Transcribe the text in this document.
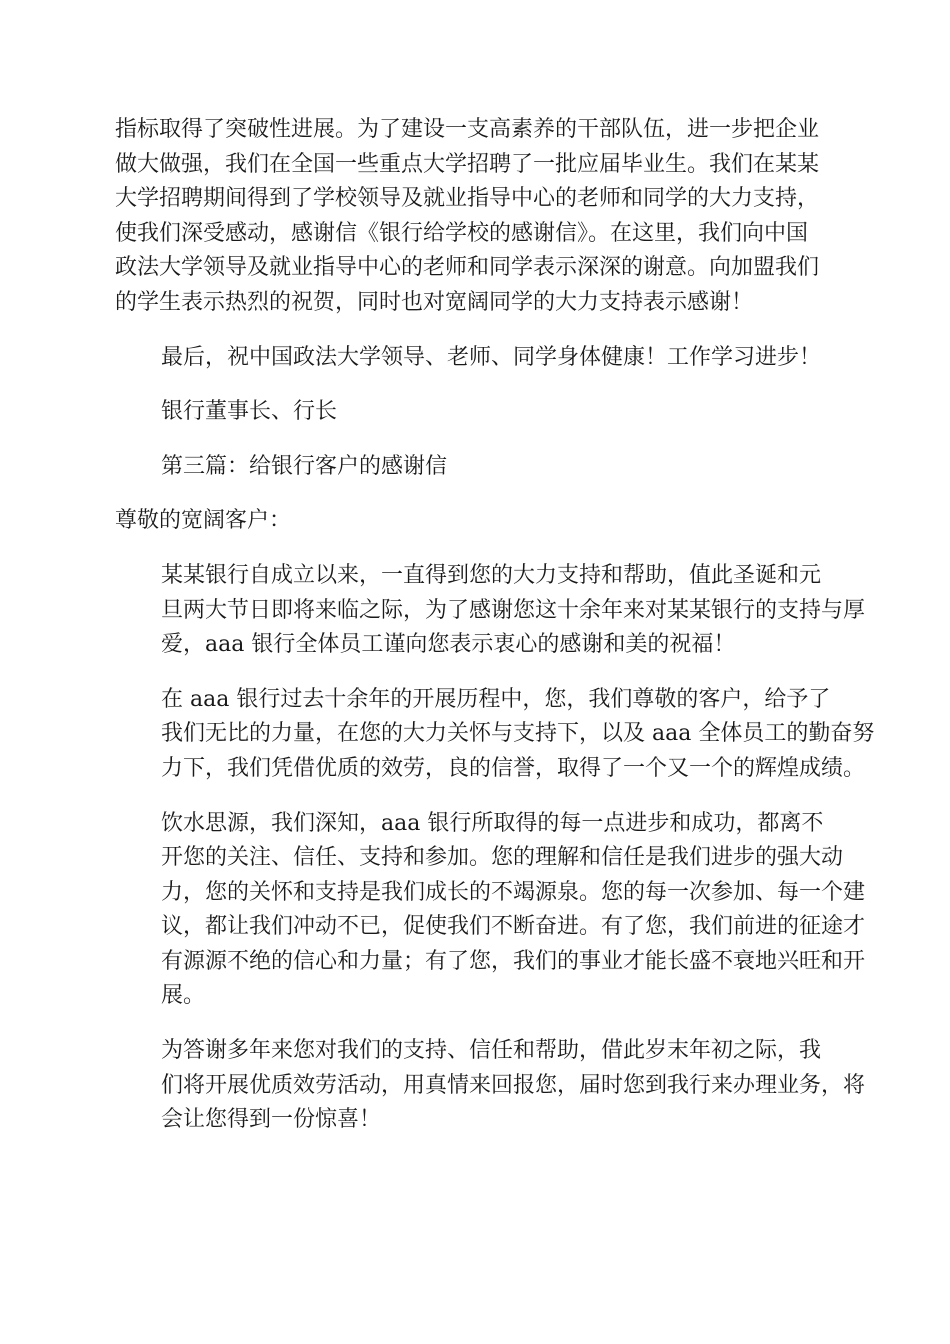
指标取得了突破性进展。为了建设一支高素养的干部队伍，进一步把企业
做大做强，我们在全国一些重点大学招聘了一批应届毕业生。我们在某某
大学招聘期间得到了学校领导及就业指导中心的老师和同学的大力支持，
使我们深受感动，感谢信《银行给学校的感谢信》。在这里，我们向中国
政法大学领导及就业指导中心的老师和同学表示深深的谢意。向加盟我们
的学生表示热烈的祝贺，同时也对宽阔同学的大力支持表示感谢！

最后，祝中国政法大学领导、老师、同学身体健康！工作学习进步！

银行董事长、行长

第三篇：给银行客户的感谢信

尊敬的宽阔客户：

某某银行自成立以来，一直得到您的大力支持和帮助，值此圣诞和元
旦两大节日即将来临之际，为了感谢您这十余年来对某某银行的支持与厚
爱，aaa 银行全体员工谨向您表示衷心的感谢和美的祝福！

在 aaa 银行过去十余年的开展历程中，您，我们尊敬的客户，给予了
我们无比的力量，在您的大力关怀与支持下，以及 aaa 全体员工的勤奋努
力下，我们凭借优质的效劳，良的信誉，取得了一个又一个的辉煌成绩。

饮水思源，我们深知，aaa 银行所取得的每一点进步和成功，都离不
开您的关注、信任、支持和参加。您的理解和信任是我们进步的强大动
力，您的关怀和支持是我们成长的不竭源泉。您的每一次参加、每一个建
议，都让我们冲动不已，促使我们不断奋进。有了您，我们前进的征途才
有源源不绝的信心和力量；有了您，我们的事业才能长盛不衰地兴旺和开
展。

为答谢多年来您对我们的支持、信任和帮助，借此岁末年初之际，我
们将开展优质效劳活动，用真情来回报您，届时您到我行来办理业务，将
会让您得到一份惊喜！
